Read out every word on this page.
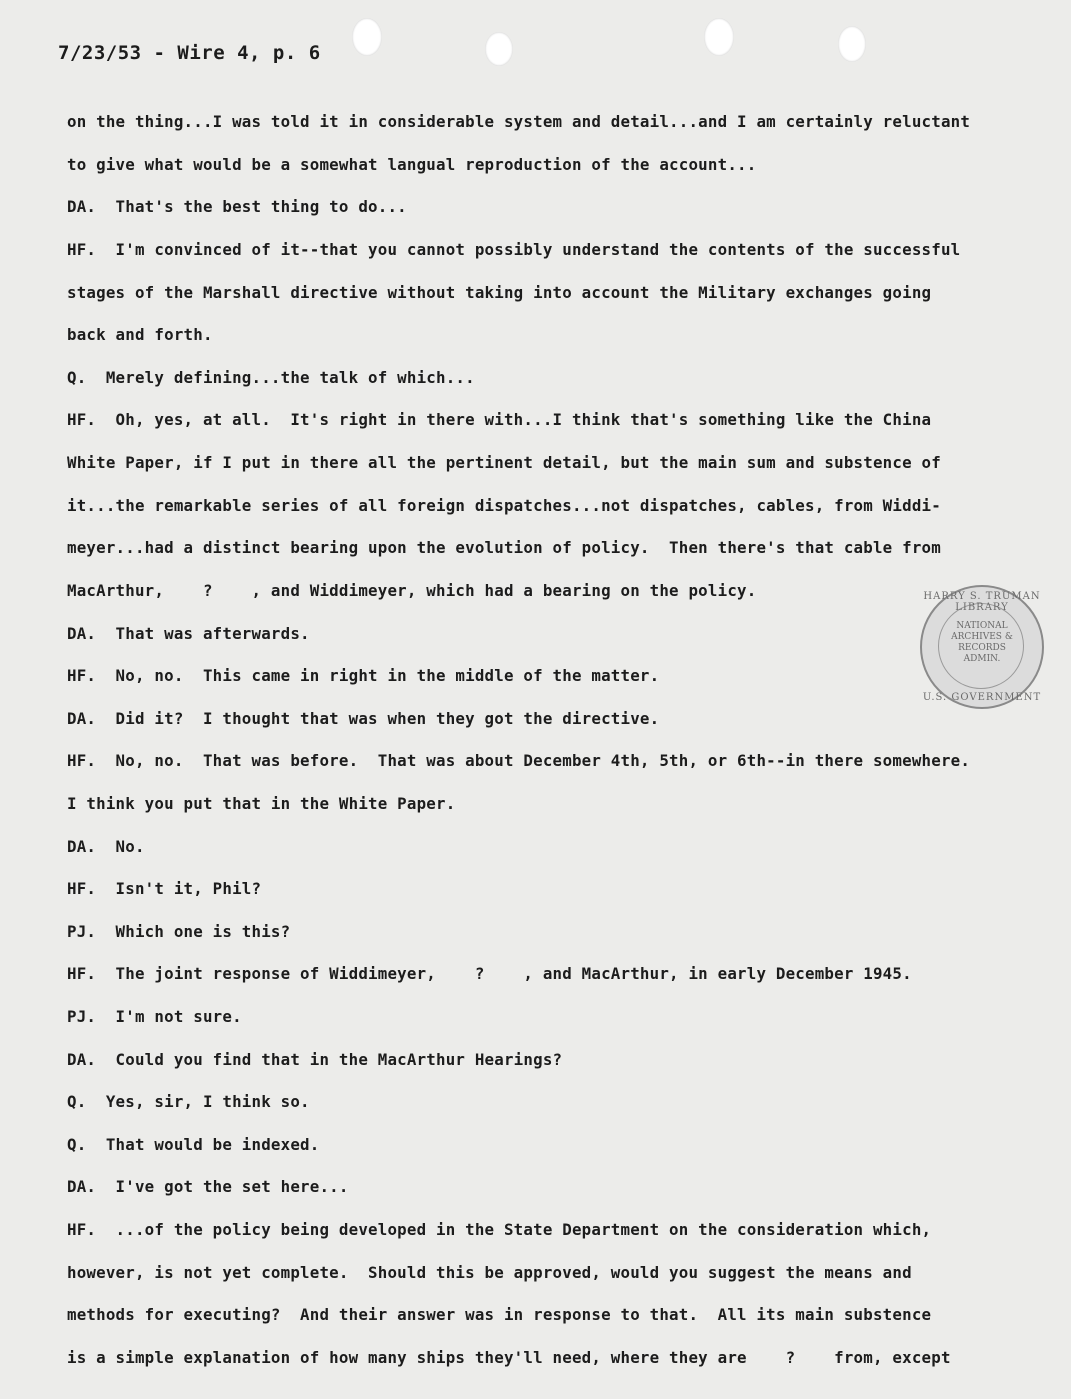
7/23/53 - Wire 4, p. 6
on the thing...I was told it in considerable system and detail...and I am certainly reluctant
to give what would be a somewhat langual reproduction of the account...
DA.  That's the best thing to do...
HF.  I'm convinced of it--that you cannot possibly understand the contents of the successful
stages of the Marshall directive without taking into account the Military exchanges going
back and forth.
Q.  Merely defining...the talk of which...
HF.  Oh, yes, at all.  It's right in there with...I think that's something like the China
White Paper, if I put in there all the pertinent detail, but the main sum and substence of
it...the remarkable series of all foreign dispatches...not dispatches, cables, from Widdi-
meyer...had a distinct bearing upon the evolution of policy.  Then there's that cable from
MacArthur,    ?    , and Widdimeyer, which had a bearing on the policy.
DA.  That was afterwards.
HF.  No, no.  This came in right in the middle of the matter.
DA.  Did it?  I thought that was when they got the directive.
HF.  No, no.  That was before.  That was about December 4th, 5th, or 6th--in there somewhere.
I think you put that in the White Paper.
DA.  No.
HF.  Isn't it, Phil?
PJ.  Which one is this?
HF.  The joint response of Widdimeyer,    ?    , and MacArthur, in early December 1945.
PJ.  I'm not sure.
DA.  Could you find that in the MacArthur Hearings?
Q.  Yes, sir, I think so.
Q.  That would be indexed.
DA.  I've got the set here...
HF.  ...of the policy being developed in the State Department on the consideration which,
however, is not yet complete.  Should this be approved, would you suggest the means and
methods for executing?  And their answer was in response to that.  All its main substence
is a simple explanation of how many ships they'll need, where they are    ?    from, except
HARRY S. TRUMAN LIBRARY
NATIONAL
ARCHIVES &
RECORDS
ADMIN.
U.S. GOVERNMENT
